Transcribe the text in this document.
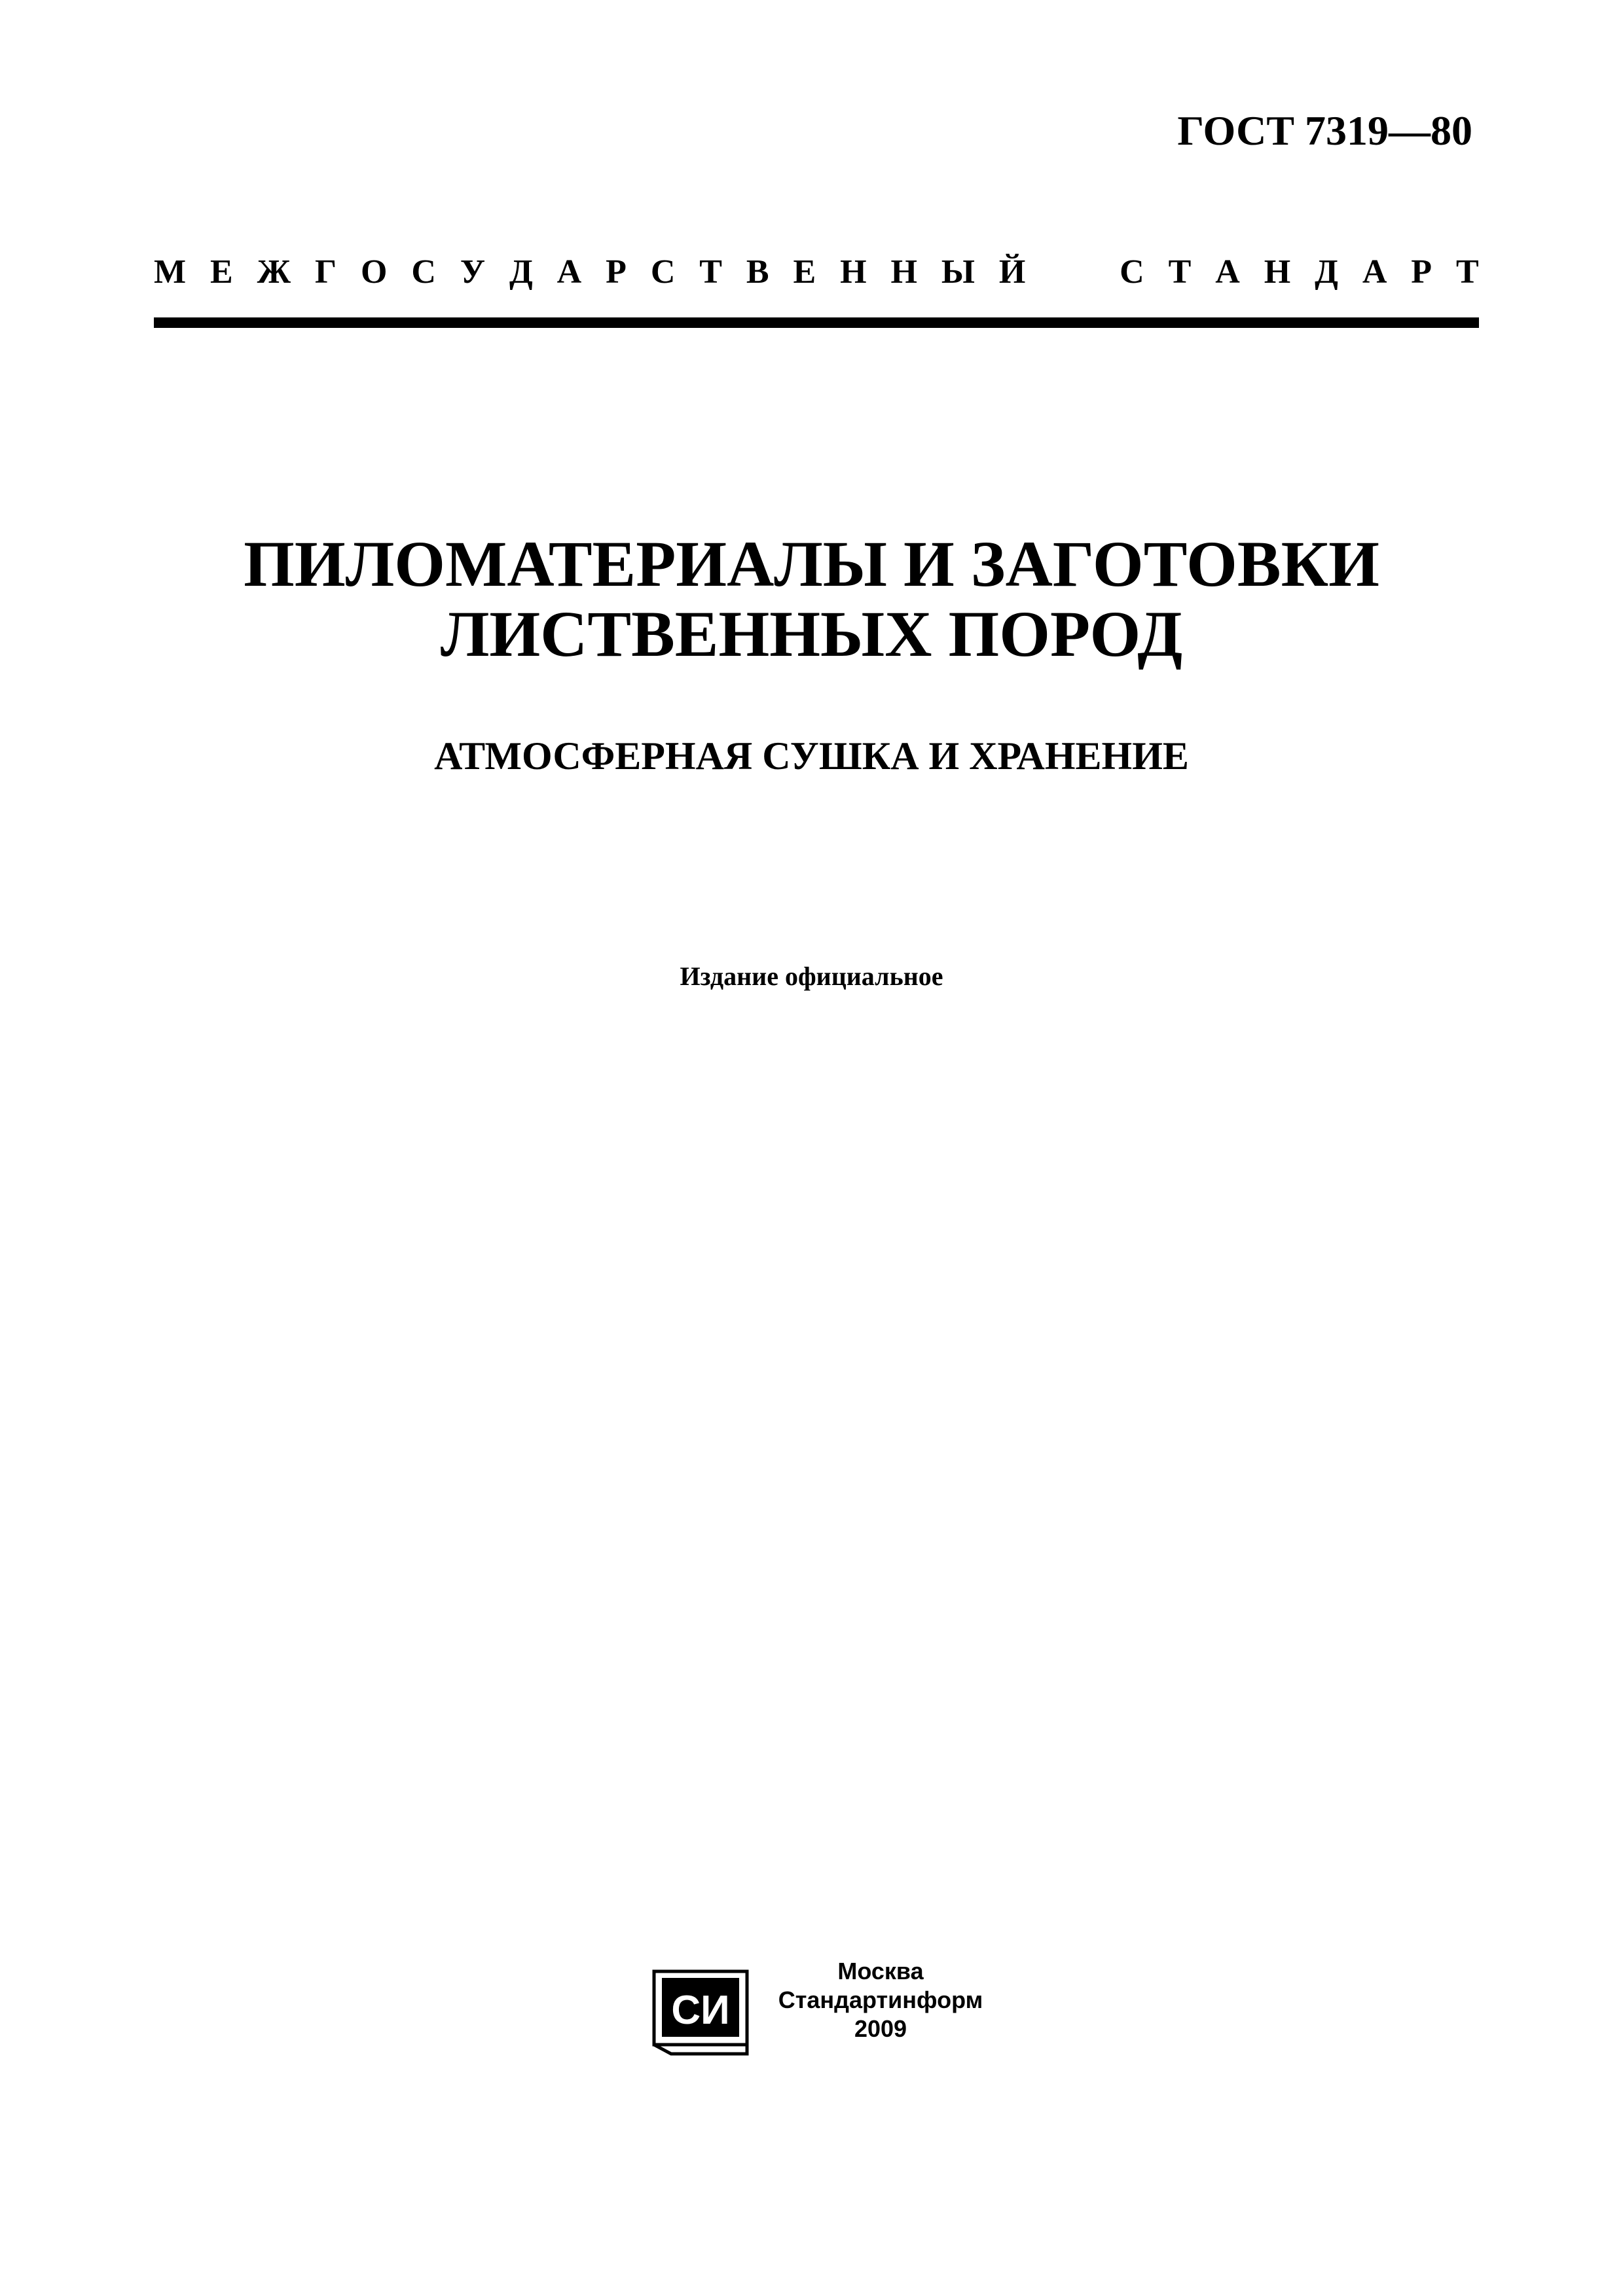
ГОСТ 7319—80
М Е Ж Г О С У Д А Р С Т В Е Н Н Ы Й	С Т А Н Д А Р Т
ПИЛОМАТЕРИАЛЫ И ЗАГОТОВКИ
ЛИСТВЕННЫХ ПОРОД
АТМОСФЕРНАЯ СУШКА И ХРАНЕНИЕ
Издание официальное
СИ
Москва
Стандартинформ
2009
